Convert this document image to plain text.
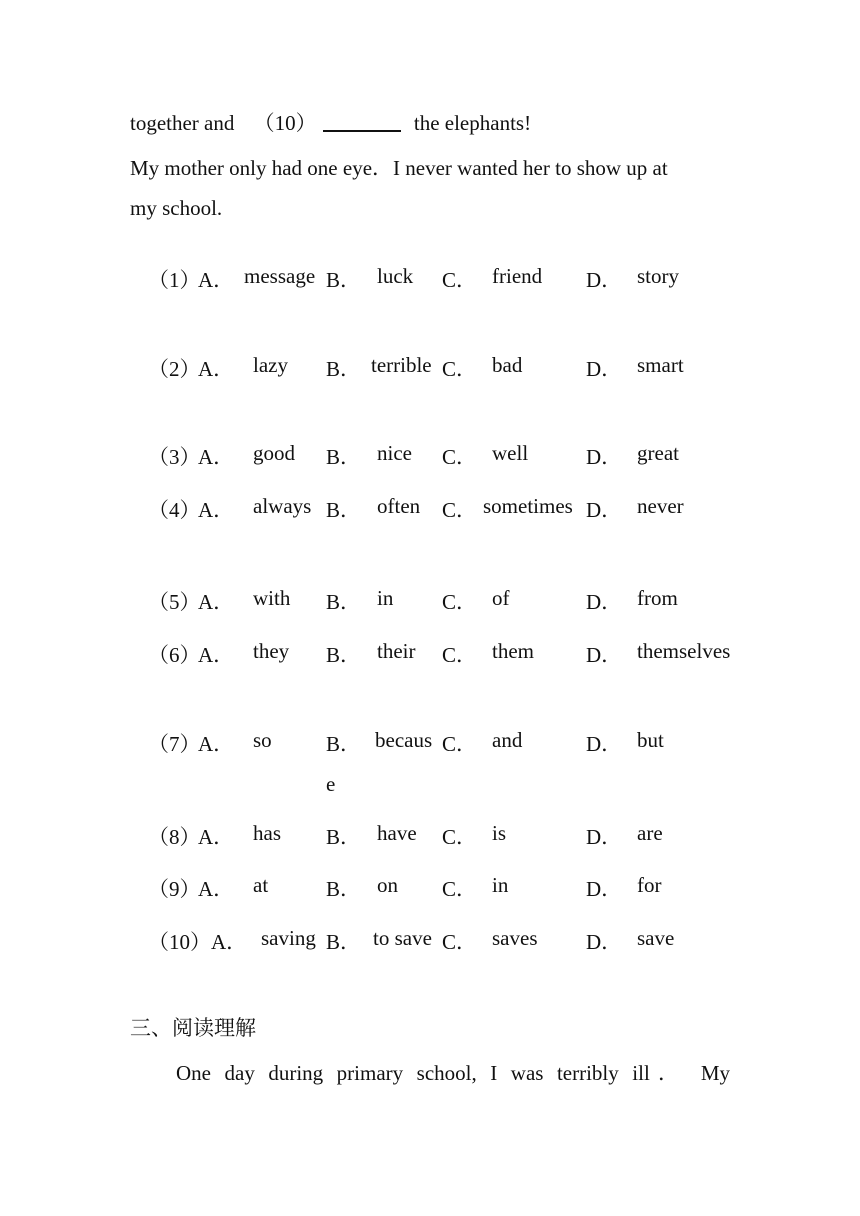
together and （10）	the elephants!
My mother only had one eye．I never wanted her to show up at
my school.
（1）
A． message B． luck C． friend D． story
（2）
A． lazy B． terrible C． bad	D． smart
（3）
A． good B． nice C． well	D． great
（4）
A． always B． often C． sometimes D． never
（5）
A． with B． in C． of	D． from
（6）
A． they B． their C． them D． themselves
（7）
A． so	B． becaus C． and	D． but
e
（8）
A． has B． have C． is	D． are
（9）
A． at	B． on C． in	D． for
（10） A． saving B． to save C． saves D． save
三、阅读理解
One day during primary school, I was terribly ill． My
